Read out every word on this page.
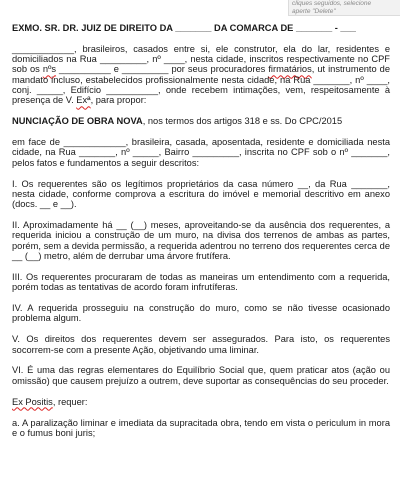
cliques seguidos, selecione
aperte "Delete"

EXMO. SR. DR. JUIZ DE DIREITO DA _______ DA COMARCA DE _______ - ___

____________, brasileiros, casados entre si, ele construtor, ela do lar, residentes e domiciliados na Rua _________, nº ____, nesta cidade, inscritos respectivamente no CPF sob os nºs __________ e _________ por seus procuradores firmatários, ut instrumento de mandato incluso, estabelecidos profissionalmente nesta cidade, na Rua _______, nº ____, conj. _____, Edifício __________, onde recebem intimações, vem, respeitosamente à presença de V. Exª, para propor:

NUNCIAÇÃO DE OBRA NOVA, nos termos dos artigos 318 e ss. Do CPC/2015

em face de ____________, brasileira, casada, aposentada, residente e domiciliada nesta cidade, na Rua _______, nº _____, Bairro _________, inscrita no CPF sob o nº _______, pelos fatos e fundamentos a seguir descritos:

I. Os requerentes são os legítimos proprietários da casa número __, da Rua _______, nesta cidade, conforme comprova a escritura do imóvel e memorial descritivo em anexo (docs. __ e __).

II. Aproximadamente há __ (__) meses, aproveitando-se da ausência dos requerentes, a requerida iniciou a construção de um muro, na divisa dos terrenos de ambas as partes, porém, sem a devida permissão, a requerida adentrou no terreno dos requerentes cerca de __ (__) metro, além de derrubar uma árvore frutífera.

III. Os requerentes procuraram de todas as maneiras um entendimento com a requerida, porém todas as tentativas de acordo foram infrutíferas.

IV. A requerida prosseguiu na construção do muro, como se não tivesse ocasionado problema algum.

V. Os direitos dos requerentes devem ser assegurados. Para isto, os requerentes socorrem-se com a presente Ação, objetivando uma liminar.

VI. É uma das regras elementares do Equilíbrio Social que, quem praticar atos (ação ou omissão) que causem prejuízo a outrem, deve suportar as consequências do seu proceder.

Ex Positis, requer:

a. A paralização liminar e imediata da supracitada obra, tendo em vista o periculum in mora e o fumus boni juris;
